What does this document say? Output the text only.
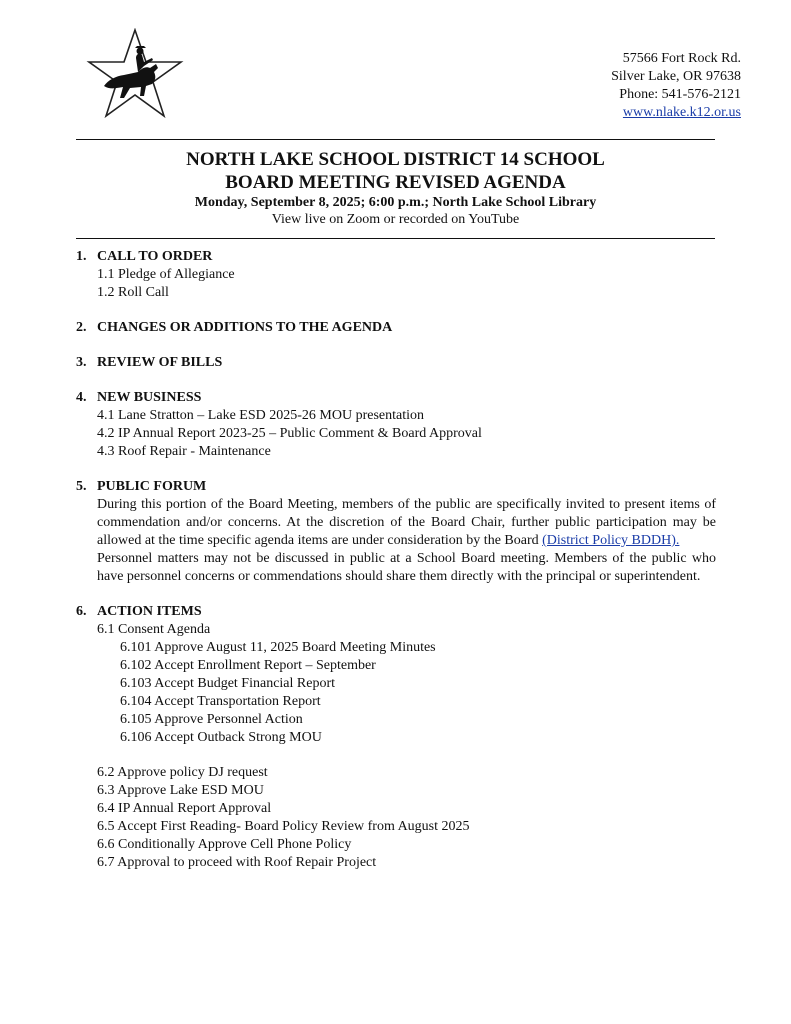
57566 Fort Rock Rd.
Silver Lake, OR 97638
Phone: 541-576-2121
www.nlake.k12.or.us
NORTH LAKE SCHOOL DISTRICT 14 SCHOOL
BOARD MEETING REVISED AGENDA
Monday, September 8, 2025; 6:00 p.m.; North Lake School Library
View live on Zoom or recorded on YouTube
1. CALL TO ORDER
1.1 Pledge of Allegiance
1.2 Roll Call
2. CHANGES OR ADDITIONS TO THE AGENDA
3. REVIEW OF BILLS
4. NEW BUSINESS
4.1 Lane Stratton – Lake ESD 2025-26 MOU presentation
4.2 IP Annual Report 2023-25 – Public Comment & Board Approval
4.3 Roof Repair - Maintenance
5. PUBLIC FORUM
During this portion of the Board Meeting, members of the public are specifically invited to present items of commendation and/or concerns. At the discretion of the Board Chair, further public participation may be allowed at the time specific agenda items are under consideration by the Board (District Policy BDDH).
Personnel matters may not be discussed in public at a School Board meeting. Members of the public who have personnel concerns or commendations should share them directly with the principal or superintendent.
6. ACTION ITEMS
6.1 Consent Agenda
6.101 Approve August 11, 2025 Board Meeting Minutes
6.102 Accept Enrollment Report – September
6.103 Accept Budget Financial Report
6.104 Accept Transportation Report
6.105 Approve Personnel Action
6.106 Accept Outback Strong MOU
6.2 Approve policy DJ request
6.3 Approve Lake ESD MOU
6.4 IP Annual Report Approval
6.5 Accept First Reading- Board Policy Review from August 2025
6.6 Conditionally Approve Cell Phone Policy
6.7 Approval to proceed with Roof Repair Project
